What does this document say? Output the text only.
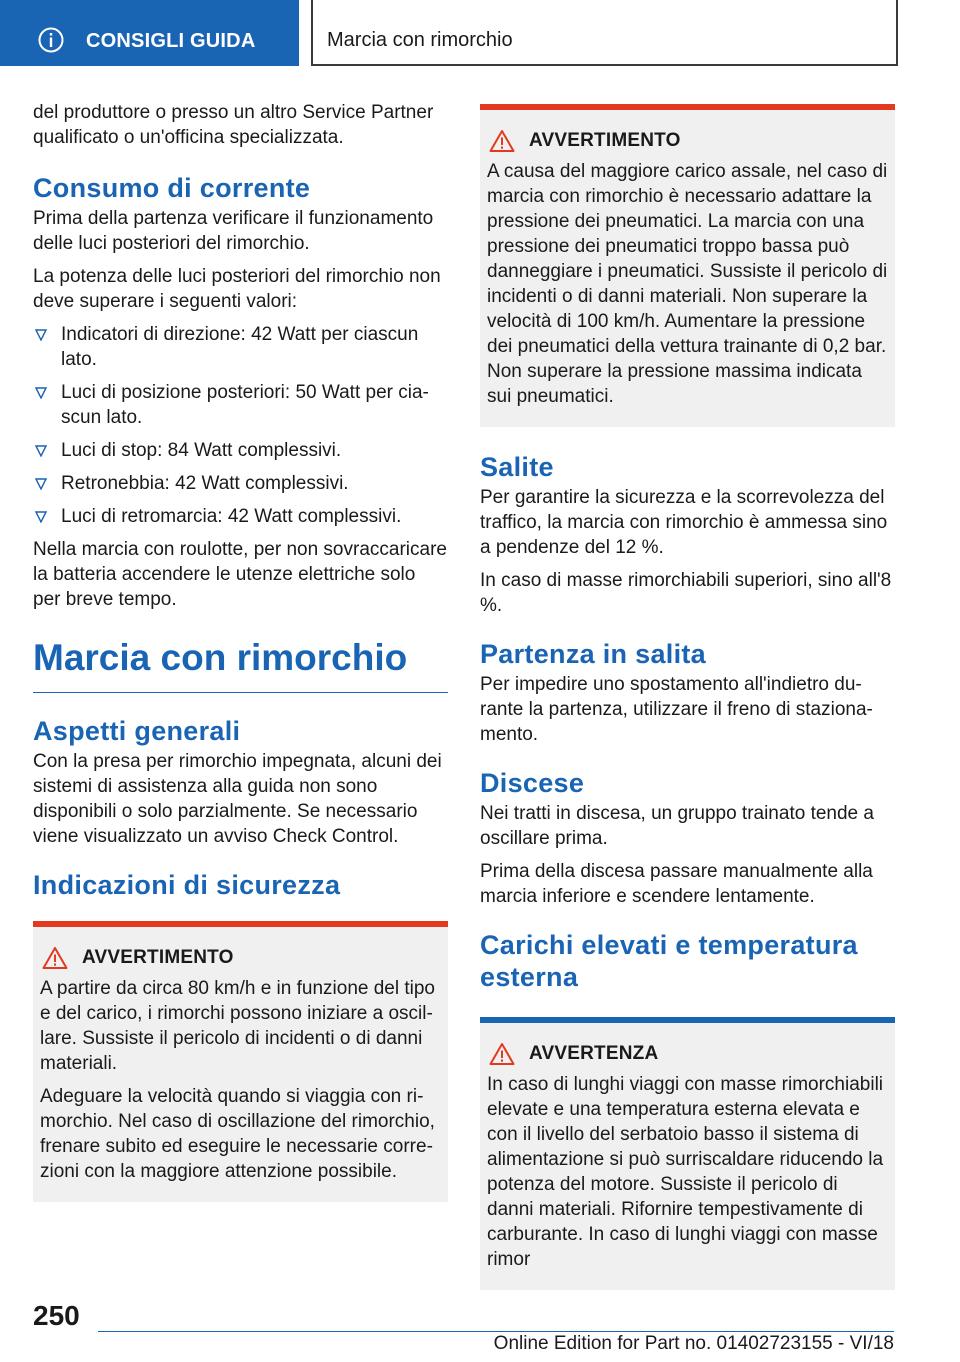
CONSIGLI GUIDA	Marcia con rimorchio

del produttore o presso un altro Service Partner qualificato o un'officina specializzata.

Consumo di corrente

Prima della partenza verificare il funzionamento delle luci posteriori del rimorchio.

La potenza delle luci posteriori del rimorchio non deve superare i seguenti valori:

Indicatori di direzione: 42 Watt per ciascun lato.
Luci di posizione posteriori: 50 Watt per ciascun lato.
Luci di stop: 84 Watt complessivi.
Retronebbia: 42 Watt complessivi.
Luci di retromarcia: 42 Watt complessivi.

Nella marcia con roulotte, per non sovraccaricare la batteria accendere le utenze elettriche solo per breve tempo.

Marcia con rimorchio
Aspetti generali

Con la presa per rimorchio impegnata, alcuni dei sistemi di assistenza alla guida non sono disponibili o solo parzialmente. Se necessario viene visualizzato un avviso Check Control.

Indicazioni di sicurezza
AVVERTIMENTO

A partire da circa 80 km/h e in funzione del tipo e del carico, i rimorchi possono iniziare a oscillare. Sussiste il pericolo di incidenti o di danni materiali.

Adeguare la velocità quando si viaggia con rimorchio. Nel caso di oscillazione del rimorchio, frenare subito ed eseguire le necessarie correzioni con la maggiore attenzione possibile.

AVVERTIMENTO

A causa del maggiore carico assale, nel caso di marcia con rimorchio è necessario adattare la pressione dei pneumatici. La marcia con una pressione dei pneumatici troppo bassa può danneggiare i pneumatici. Sussiste il pericolo di incidenti o di danni materiali. Non superare la velocità di 100 km/h. Aumentare la pressione dei pneumatici della vettura trainante di 0,2 bar. Non superare la pressione massima indicata sui pneumatici.

Salite

Per garantire la sicurezza e la scorrevolezza del traffico, la marcia con rimorchio è ammessa sino a pendenze del 12 %.

In caso di masse rimorchiabili superiori, sino all'8 %.

Partenza in salita

Per impedire uno spostamento all'indietro durante la partenza, utilizzare il freno di stazionamento.

Discese

Nei tratti in discesa, un gruppo trainato tende a oscillare prima.

Prima della discesa passare manualmente alla marcia inferiore e scendere lentamente.

Carichi elevati e temperatura esterna
AVVERTENZA

In caso di lunghi viaggi con masse rimorchiabili elevate e una temperatura esterna elevata e con il livello del serbatoio basso il sistema di alimentazione si può surriscaldare riducendo la potenza del motore. Sussiste il pericolo di danni materiali. Rifornire tempestivamente di carburante. In caso di lunghi viaggi con masse rimor

250
Online Edition for Part no. 01402723155 - VI/18
